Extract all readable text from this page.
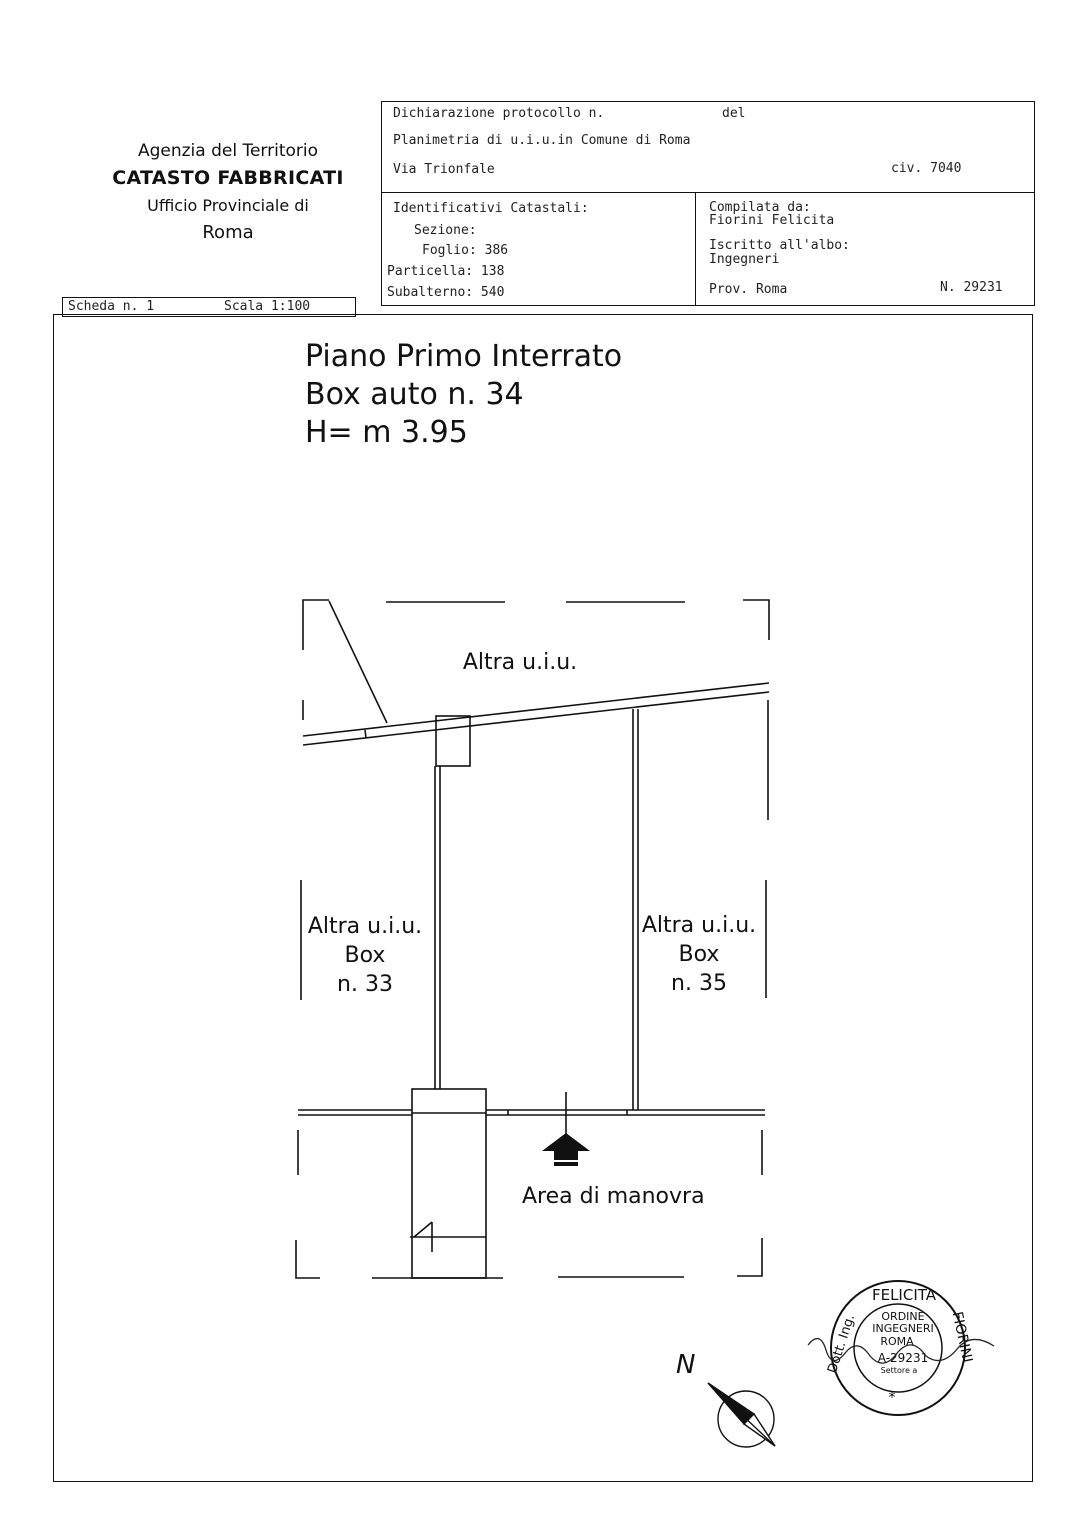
Agenzia del Territorio
CATASTO FABBRICATI
Ufficio Provinciale di
Roma
Dichiarazione protocollo n.	del
Planimetria di u.i.u.in Comune di Roma
Via Trionfale	civ. 7040
Identificativi Catastali:
Sezione:
Foglio: 386
Particella: 138
Subalterno: 540
Compilata da:
Fiorini Felicita
Iscritto all'albo:
Ingegneri
Prov. Roma	N. 29231
Scheda n. 1	Scala 1:100
Piano Primo Interrato
Box auto n. 34
H= m 3.95
FELICITA
ORDINE
INGEGNERI
ROMA
A-29231
Settore a
*
Dott. Ing.	FIORINI
Altra u.i.u.
Altra u.i.u.
Box
n. 33
Altra u.i.u.
Box
n. 35
Area di manovra
N
